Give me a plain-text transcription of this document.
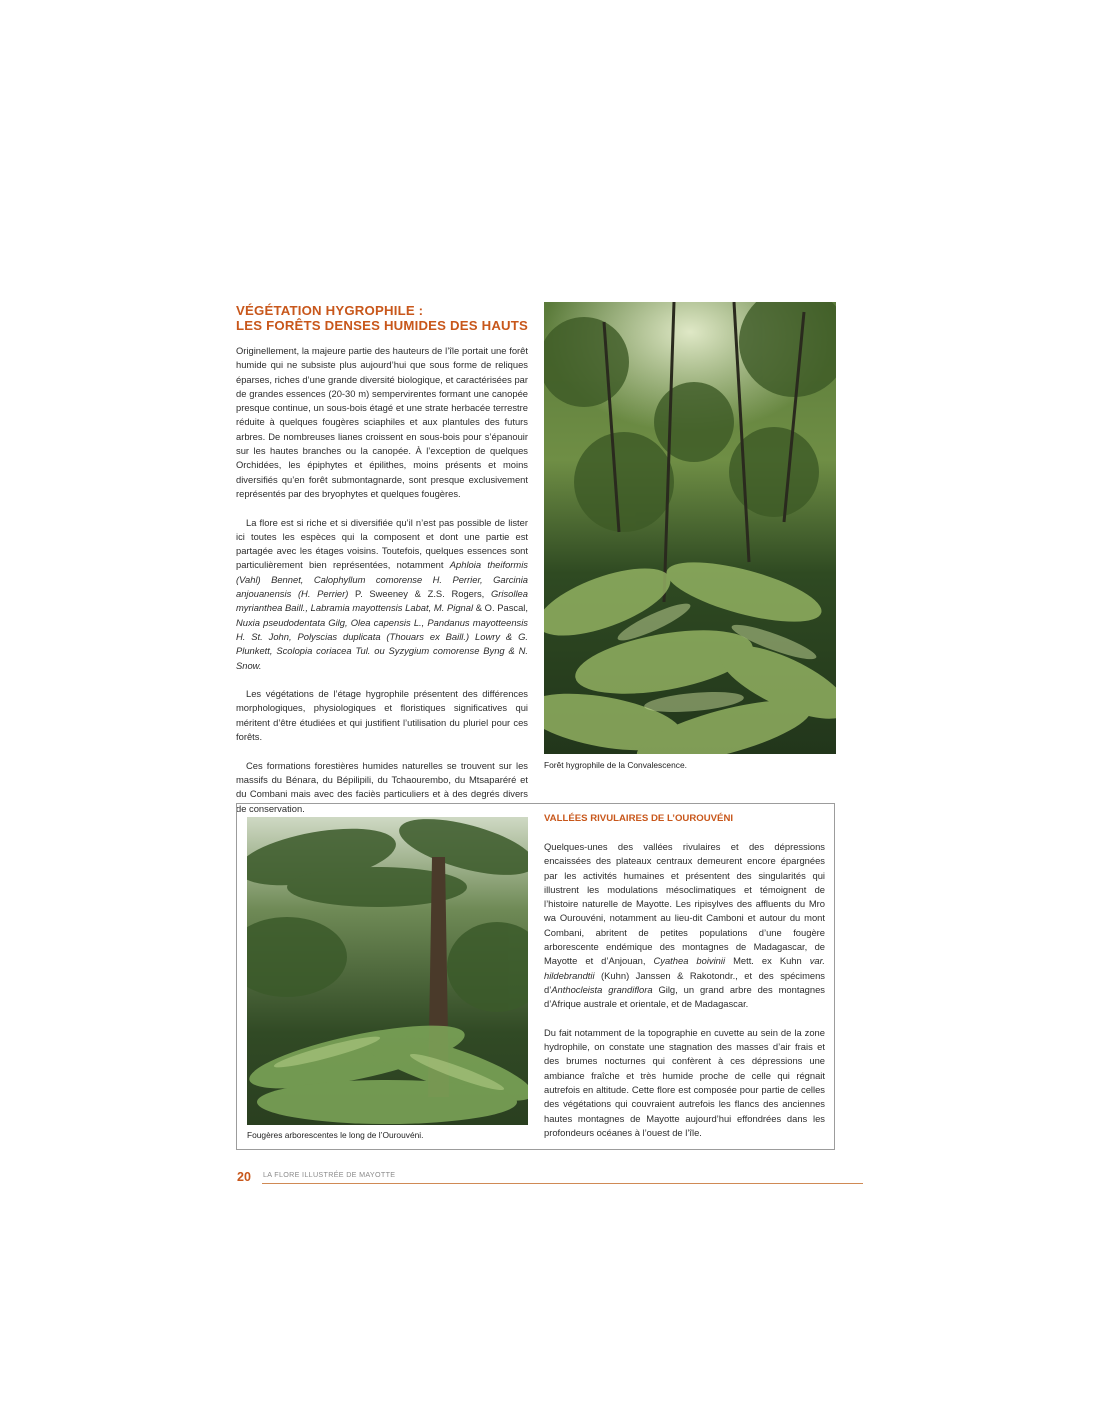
VÉGÉTATION HYGROPHILE :
LES FORÊTS DENSES HUMIDES DES HAUTS

Originellement, la majeure partie des hauteurs de l’île portait une forêt humide qui ne subsiste plus aujourd’hui que sous forme de reliques éparses, riches d’une grande diversité biologique, et caractérisées par de grandes essences (20-30 m) sempervirentes formant une canopée presque continue, un sous-bois étagé et une strate herbacée terrestre réduite à quelques fougères sciaphiles et aux plantules des futurs arbres. De nombreuses lianes croissent en sous-bois pour s’épanouir sur les hautes branches ou la canopée. À l’exception de quelques Orchidées, les épiphytes et épilithes, moins présents et moins diversifiés qu’en forêt submontagnarde, sont presque exclusivement représentés par des bryophytes et quelques fougères.

La flore est si riche et si diversifiée qu’il n’est pas possible de lister ici toutes les espèces qui la composent et dont une partie est partagée avec les étages voisins. Toutefois, quelques essences sont particulièrement bien représentées, notamment Aphloia theiformis (Vahl) Bennet, Calophyllum comorense H. Perrier, Garcinia anjouanensis (H. Perrier) P. Sweeney & Z.S. Rogers, Grisollea myrianthea Baill., Labramia mayottensis Labat, M. Pignal & O. Pascal, Nuxia pseudodentata Gilg, Olea capensis L., Pandanus mayotteensis H. St. John, Polyscias duplicata (Thouars ex Baill.) Lowry & G. Plunkett, Scolopia coriacea Tul. ou Syzygium comorense Byng & N. Snow.

Les végétations de l’étage hygrophile présentent des différences morphologiques, physiologiques et floristiques significatives qui méritent d’être étudiées et qui justifient l’utilisation du pluriel pour ces forêts.

Ces formations forestières humides naturelles se trouvent sur les massifs du Bénara, du Bépilipili, du Tchaourembo, du Mtsaparéré et du Combani mais avec des faciès particuliers et à des degrés divers de conservation.

Forêt hygrophile de la Convalescence.

Fougères arborescentes le long de l’Ourouvéni.

VALLÉES RIVULAIRES DE L’OUROUVÉNI

Quelques-unes des vallées rivulaires et des dépressions encaissées des plateaux centraux demeurent encore épargnées par les activités humaines et présentent des singularités qui illustrent les modulations mésoclimatiques et témoignent de l’histoire naturelle de Mayotte. Les ripisylves des affluents du Mro wa Ourouvéni, notamment au lieu-dit Camboni et autour du mont Combani, abritent de petites populations d’une fougère arborescente endémique des montagnes de Madagascar, de Mayotte et d’Anjouan, Cyathea boivinii Mett. ex Kuhn var. hildebrandtii (Kuhn) Janssen & Rakotondr., et des spécimens d’Anthocleista grandiflora Gilg, un grand arbre des montagnes d’Afrique australe et orientale, et de Madagascar.

Du fait notamment de la topographie en cuvette au sein de la zone hydrophile, on constate une stagnation des masses d’air frais et des brumes nocturnes qui confèrent à ces dépressions une ambiance fraîche et très humide proche de celle qui régnait autrefois en altitude. Cette flore est composée pour partie de celles des végétations qui couvraient autrefois les flancs des anciennes hautes montagnes de Mayotte aujourd’hui effondrées dans les profondeurs océanes à l’ouest de l’île.

20 LA FLORE ILLUSTRÉE DE MAYOTTE
